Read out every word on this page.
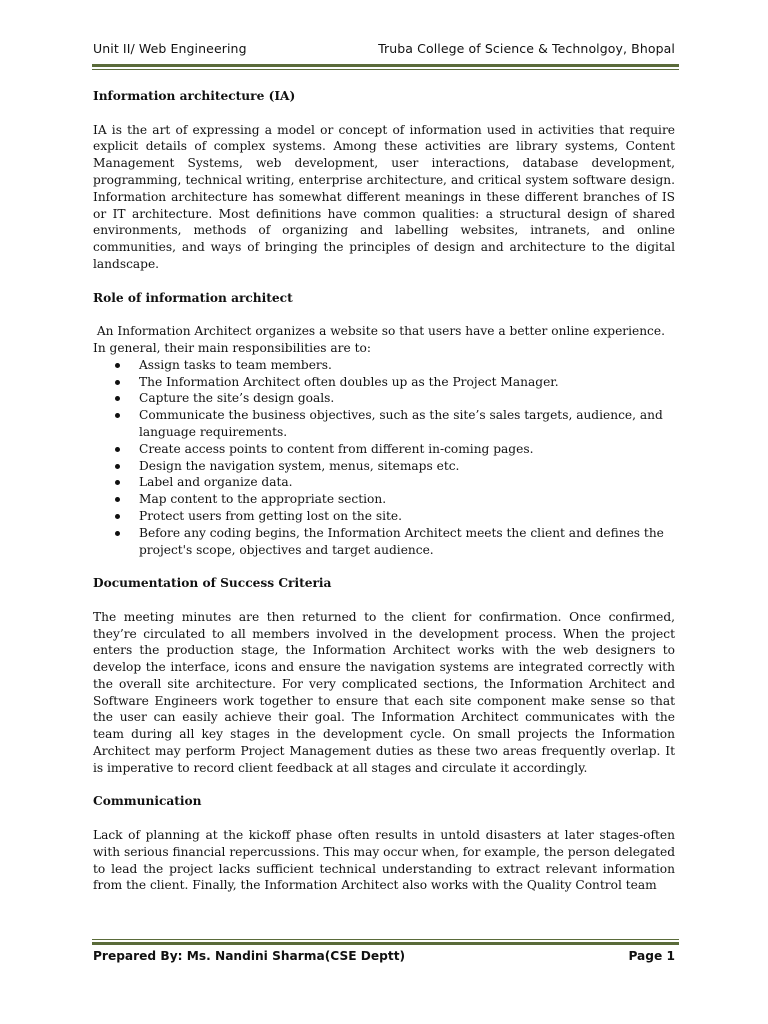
Unit II/ Web Engineering	Truba College of Science & Technolgoy, Bhopal
Information architecture (IA)

IA is the art of expressing a model or concept of information used in activities that require explicit details of complex systems. Among these activities are library systems, Content Management Systems, web development, user interactions, database development, programming, technical writing, enterprise architecture, and critical system software design. Information architecture has somewhat different meanings in these different branches of IS or IT architecture. Most definitions have common qualities: a structural design of shared environments, methods of organizing and labelling websites, intranets, and online communities, and ways of bringing the principles of design and architecture to the digital landscape.

Role of information architect

An Information Architect organizes a website so that users have a better online experience. In general, their main responsibilities are to:

Assign tasks to team members.
The Information Architect often doubles up as the Project Manager.
Capture the site’s design goals.
Communicate the business objectives, such as the site’s sales targets, audience, and language requirements.
Create access points to content from different in-coming pages.
Design the navigation system, menus, sitemaps etc.
Label and organize data.
Map content to the appropriate section.
Protect users from getting lost on the site.
Before any coding begins, the Information Architect meets the client and defines the project's scope, objectives and target audience.
Documentation of Success Criteria

The meeting minutes are then returned to the client for confirmation. Once confirmed, they’re circulated to all members involved in the development process. When the project enters the production stage, the Information Architect works with the web designers to develop the interface, icons and ensure the navigation systems are integrated correctly with the overall site architecture. For very complicated sections, the Information Architect and Software Engineers work together to ensure that each site component make sense so that the user can easily achieve their goal. The Information Architect communicates with the team during all key stages in the development cycle. On small projects the Information Architect may perform Project Management duties as these two areas frequently overlap. It is imperative to record client feedback at all stages and circulate it accordingly.

Communication

Lack of planning at the kickoff phase often results in untold disasters at later stages-often with serious financial repercussions. This may occur when, for example, the person delegated to lead the project lacks sufficient technical understanding to extract relevant information from the client. Finally, the Information Architect also works with the Quality Control team

Prepared By: Ms. Nandini Sharma(CSE Deptt)	Page 1
